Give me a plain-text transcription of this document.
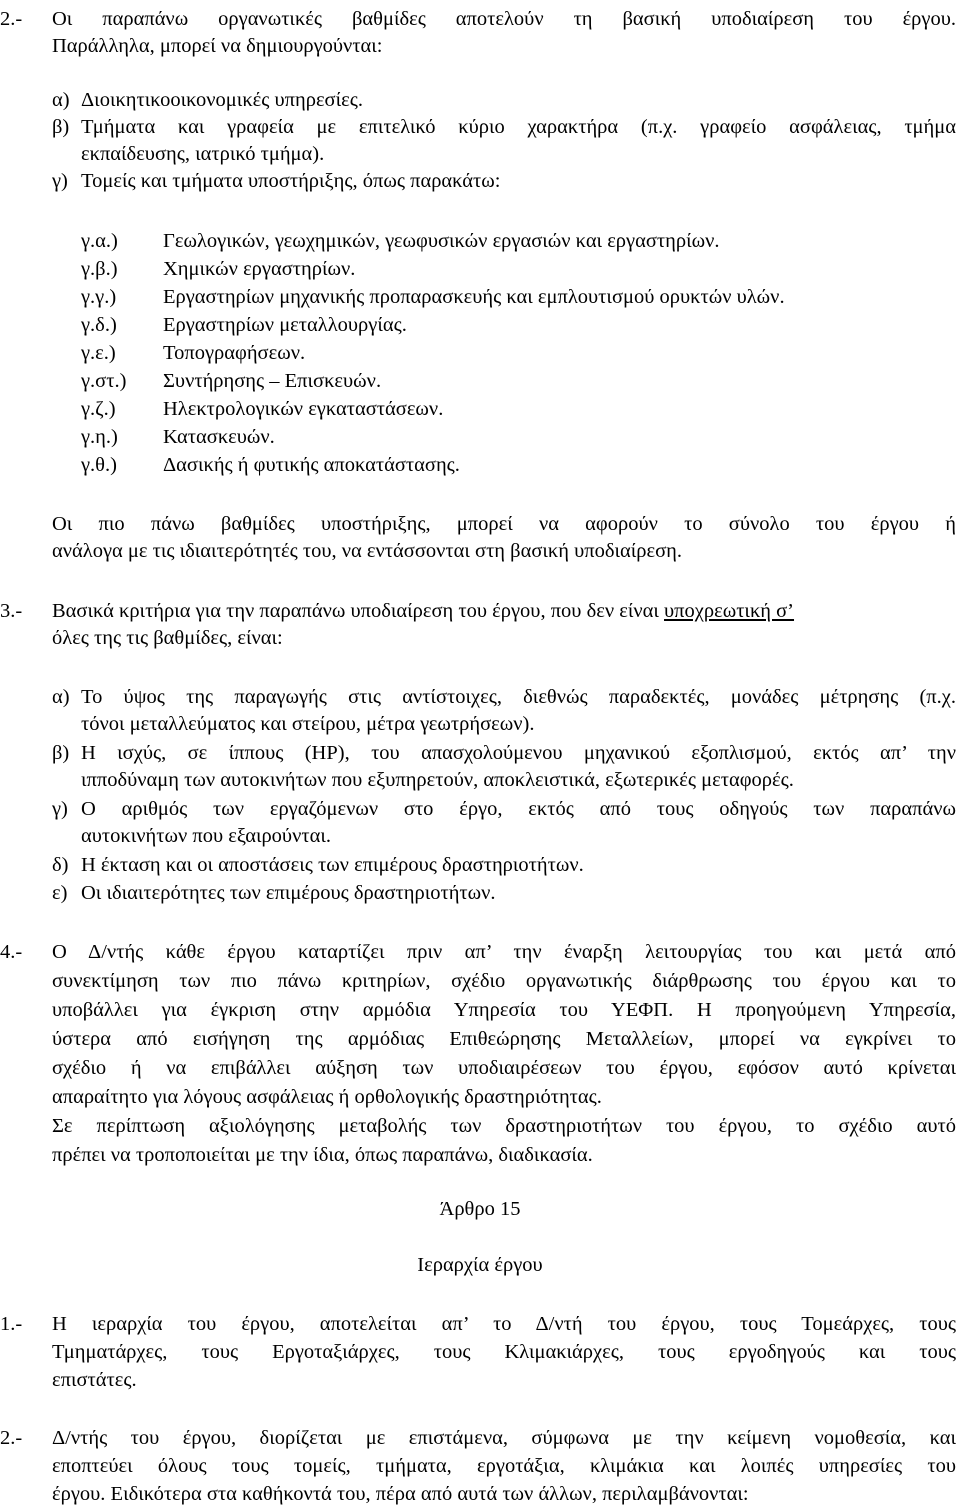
2.- Οι παραπάνω οργανωτικές βαθμίδες αποτελούν τη βασική υποδιαίρεση του έργου.
Παράλληλα, μπορεί να δημιουργούνται:
α) Διοικητικοοικονομικές υπηρεσίες.
β) Τμήματα και γραφεία με επιτελικό κύριο χαρακτήρα (π.χ. γραφείο ασφάλειας, τμήμα
εκπαίδευσης, ιατρικό τμήμα).
γ) Τομείς και τμήματα υποστήριξης, όπως παρακάτω:
γ.α.) Γεωλογικών, γεωχημικών, γεωφυσικών εργασιών και εργαστηρίων.
γ.β.) Χημικών εργαστηρίων.
γ.γ.) Εργαστηρίων μηχανικής προπαρασκευής και εμπλουτισμού ορυκτών υλών.
γ.δ.) Εργαστηρίων μεταλλουργίας.
γ.ε.) Τοπογραφήσεων.
γ.στ.) Συντήρησης – Επισκευών.
γ.ζ.) Ηλεκτρολογικών εγκαταστάσεων.
γ.η.) Κατασκευών.
γ.θ.) Δασικής ή φυτικής αποκατάστασης.
Οι πιο πάνω βαθμίδες υποστήριξης, μπορεί να αφορούν το σύνολο του έργου ή
ανάλογα με τις ιδιαιτερότητές του, να εντάσσονται στη βασική υποδιαίρεση.
3.- Βασικά κριτήρια για την παραπάνω υποδιαίρεση του έργου, που δεν είναι υποχρεωτική σ’
όλες της τις βαθμίδες, είναι:
α) Το ύψος της παραγωγής στις αντίστοιχες, διεθνώς παραδεκτές, μονάδες μέτρησης (π.χ.
τόνοι μεταλλεύματος και στείρου, μέτρα γεωτρήσεων).
β) Η ισχύς, σε ίππους (HP), του απασχολούμενου μηχανικού εξοπλισμού, εκτός απ’ την
ιπποδύναμη των αυτοκινήτων που εξυπηρετούν, αποκλειστικά, εξωτερικές μεταφορές.
γ) Ο αριθμός των εργαζόμενων στο έργο, εκτός από τους οδηγούς των παραπάνω
αυτοκινήτων που εξαιρούνται.
δ) Η έκταση και οι αποστάσεις των επιμέρους δραστηριοτήτων.
ε) Οι ιδιαιτερότητες των επιμέρους δραστηριοτήτων.
4.- Ο Δ/ντής κάθε έργου καταρτίζει πριν απ’ την έναρξη λειτουργίας του και μετά από
συνεκτίμηση των πιο πάνω κριτηρίων, σχέδιο οργανωτικής διάρθρωσης του έργου και το
υποβάλλει για έγκριση στην αρμόδια Υπηρεσία του ΥΕΦΠ. Η προηγούμενη Υπηρεσία,
ύστερα από εισήγηση της αρμόδιας Επιθεώρησης Μεταλλείων, μπορεί να εγκρίνει το
σχέδιο ή να επιβάλλει αύξηση των υποδιαιρέσεων του έργου, εφόσον αυτό κρίνεται
απαραίτητο για λόγους ασφάλειας ή ορθολογικής δραστηριότητας.
Σε περίπτωση αξιολόγησης μεταβολής των δραστηριοτήτων του έργου, το σχέδιο αυτό
πρέπει να τροποποιείται με την ίδια, όπως παραπάνω, διαδικασία.
Άρθρο 15
Ιεραρχία έργου
1.- Η ιεραρχία του έργου, αποτελείται απ’ το Δ/ντή του έργου, τους Τομεάρχες, τους
Τμηματάρχες, τους Εργοταξιάρχες, τους Κλιμακιάρχες, τους εργοδηγούς και τους
επιστάτες.
2.- Δ/ντής του έργου, διορίζεται με επιστάμενα, σύμφωνα με την κείμενη νομοθεσία, και
εποπτεύει όλους τους τομείς, τμήματα, εργοτάξια, κλιμάκια και λοιπές υπηρεσίες του
έργου. Ειδικότερα στα καθήκοντά του, πέρα από αυτά των άλλων, περιλαμβάνονται:
